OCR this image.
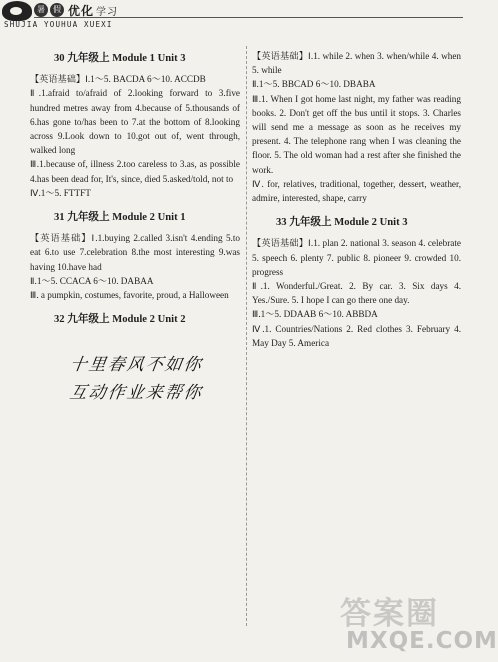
暑	假 优化 学习
SHUJIA YOUHUA XUEXI
30 九年级上 Module 1 Unit 3

【英语基础】Ⅰ.1～5. BACDA 6～10. ACCDB

Ⅱ.1.afraid to/afraid of 2.looking forward to 3.five hundred metres away from 4.because of 5.thousands of 6.has gone to/has been to 7.at the bottom of 8.looking across 9.Look down to 10.got out of, went through, walked long

Ⅲ.1.because of, illness 2.too careless to 3.as, as possible 4.has been dead for, It's, since, died 5.asked/told, not to

Ⅳ.1～5. FTTFT

31 九年级上 Module 2 Unit 1

【英语基础】Ⅰ.1.buying 2.called 3.isn't 4.ending 5.to eat 6.to use 7.celebration 8.the most interesting 9.was having 10.have had

Ⅱ.1～5. CCACA 6～10. DABAA

Ⅲ. a pumpkin, costumes, favorite, proud, a Halloween

32 九年级上 Module 2 Unit 2
十里春风不如你
互动作业来帮你

【英语基础】Ⅰ.1. while 2. when 3. when/while 4. when 5. while

Ⅱ.1～5. BBCAD 6～10. DBABA

Ⅲ.1. When I got home last night, my father was reading books. 2. Don't get off the bus until it stops. 3. Charles will send me a message as soon as he receives my present. 4. The telephone rang when I was cleaning the floor. 5. The old woman had a rest after she finished the work.

Ⅳ. for, relatives, traditional, together, dessert, weather, admire, interested, shape, carry

33 九年级上 Module 2 Unit 3

【英语基础】Ⅰ.1. plan 2. national 3. season 4. celebrate 5. speech 6. plenty 7. public 8. pioneer 9. crowded 10. progress

Ⅱ.1. Wonderful./Great. 2. By car. 3. Six days 4. Yes./Sure. 5. I hope I can go there one day.

Ⅲ.1～5. DDAAB 6～10. ABBDA

Ⅳ.1. Countries/Nations 2. Red clothes 3. February 4. May Day 5. America

答案圈
MXQE.COM
